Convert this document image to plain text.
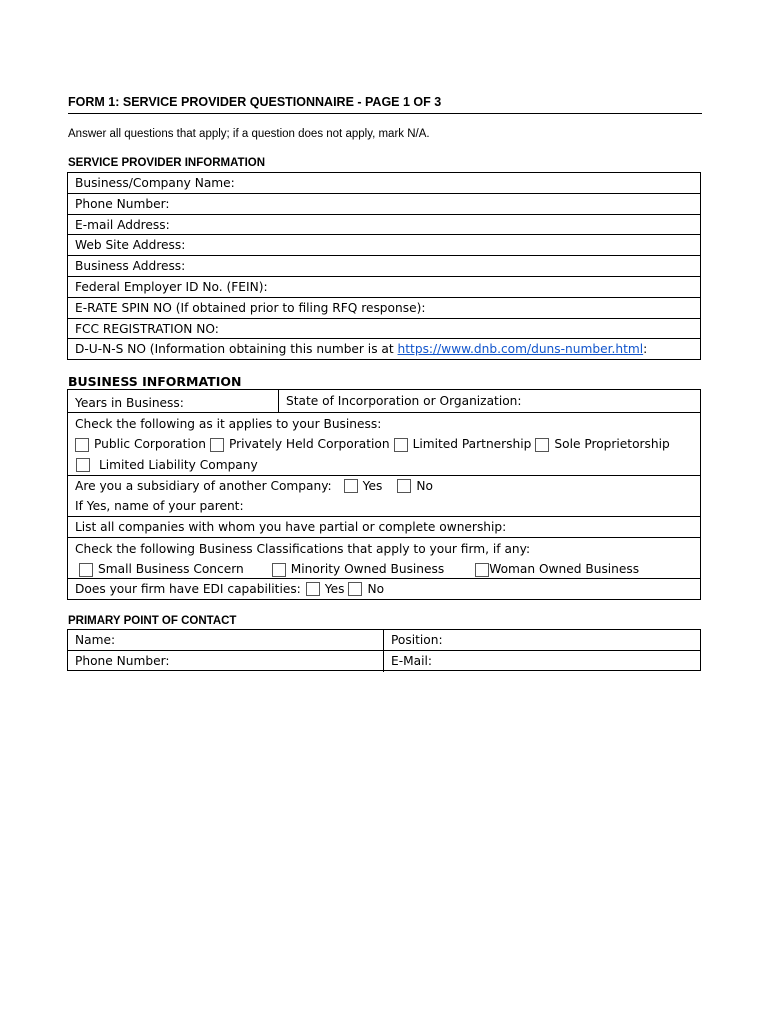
FORM 1: SERVICE PROVIDER QUESTIONNAIRE - PAGE 1 OF 3
Answer all questions that apply; if a question does not apply, mark N/A.
SERVICE PROVIDER INFORMATION
Business/Company Name:
Phone Number:
E-mail Address:
Web Site Address:
Business Address:
Federal Employer ID No. (FEIN):
E-RATE SPIN NO (If obtained prior to filing RFQ response):
FCC REGISTRATION NO:
D-U-N-S NO (Information obtaining this number is at https://www.dnb.com/duns-number.html:
BUSINESS INFORMATION
Years in Business:	State of Incorporation or Organization:
Check the following as it applies to your Business:
Public Corporation Privately Held Corporation Limited Partnership Sole Proprietorship
Limited Liability Company
Are you a subsidiary of another Company:	Yes	No
If Yes, name of your parent:
List all companies with whom you have partial or complete ownership:
Check the following Business Classifications that apply to your firm, if any:
Small Business Concern	Minority Owned Business	Woman Owned Business
Does your firm have EDI capabilities: Yes No
PRIMARY POINT OF CONTACT
Name:	Position:
Phone Number:	E-Mail:
